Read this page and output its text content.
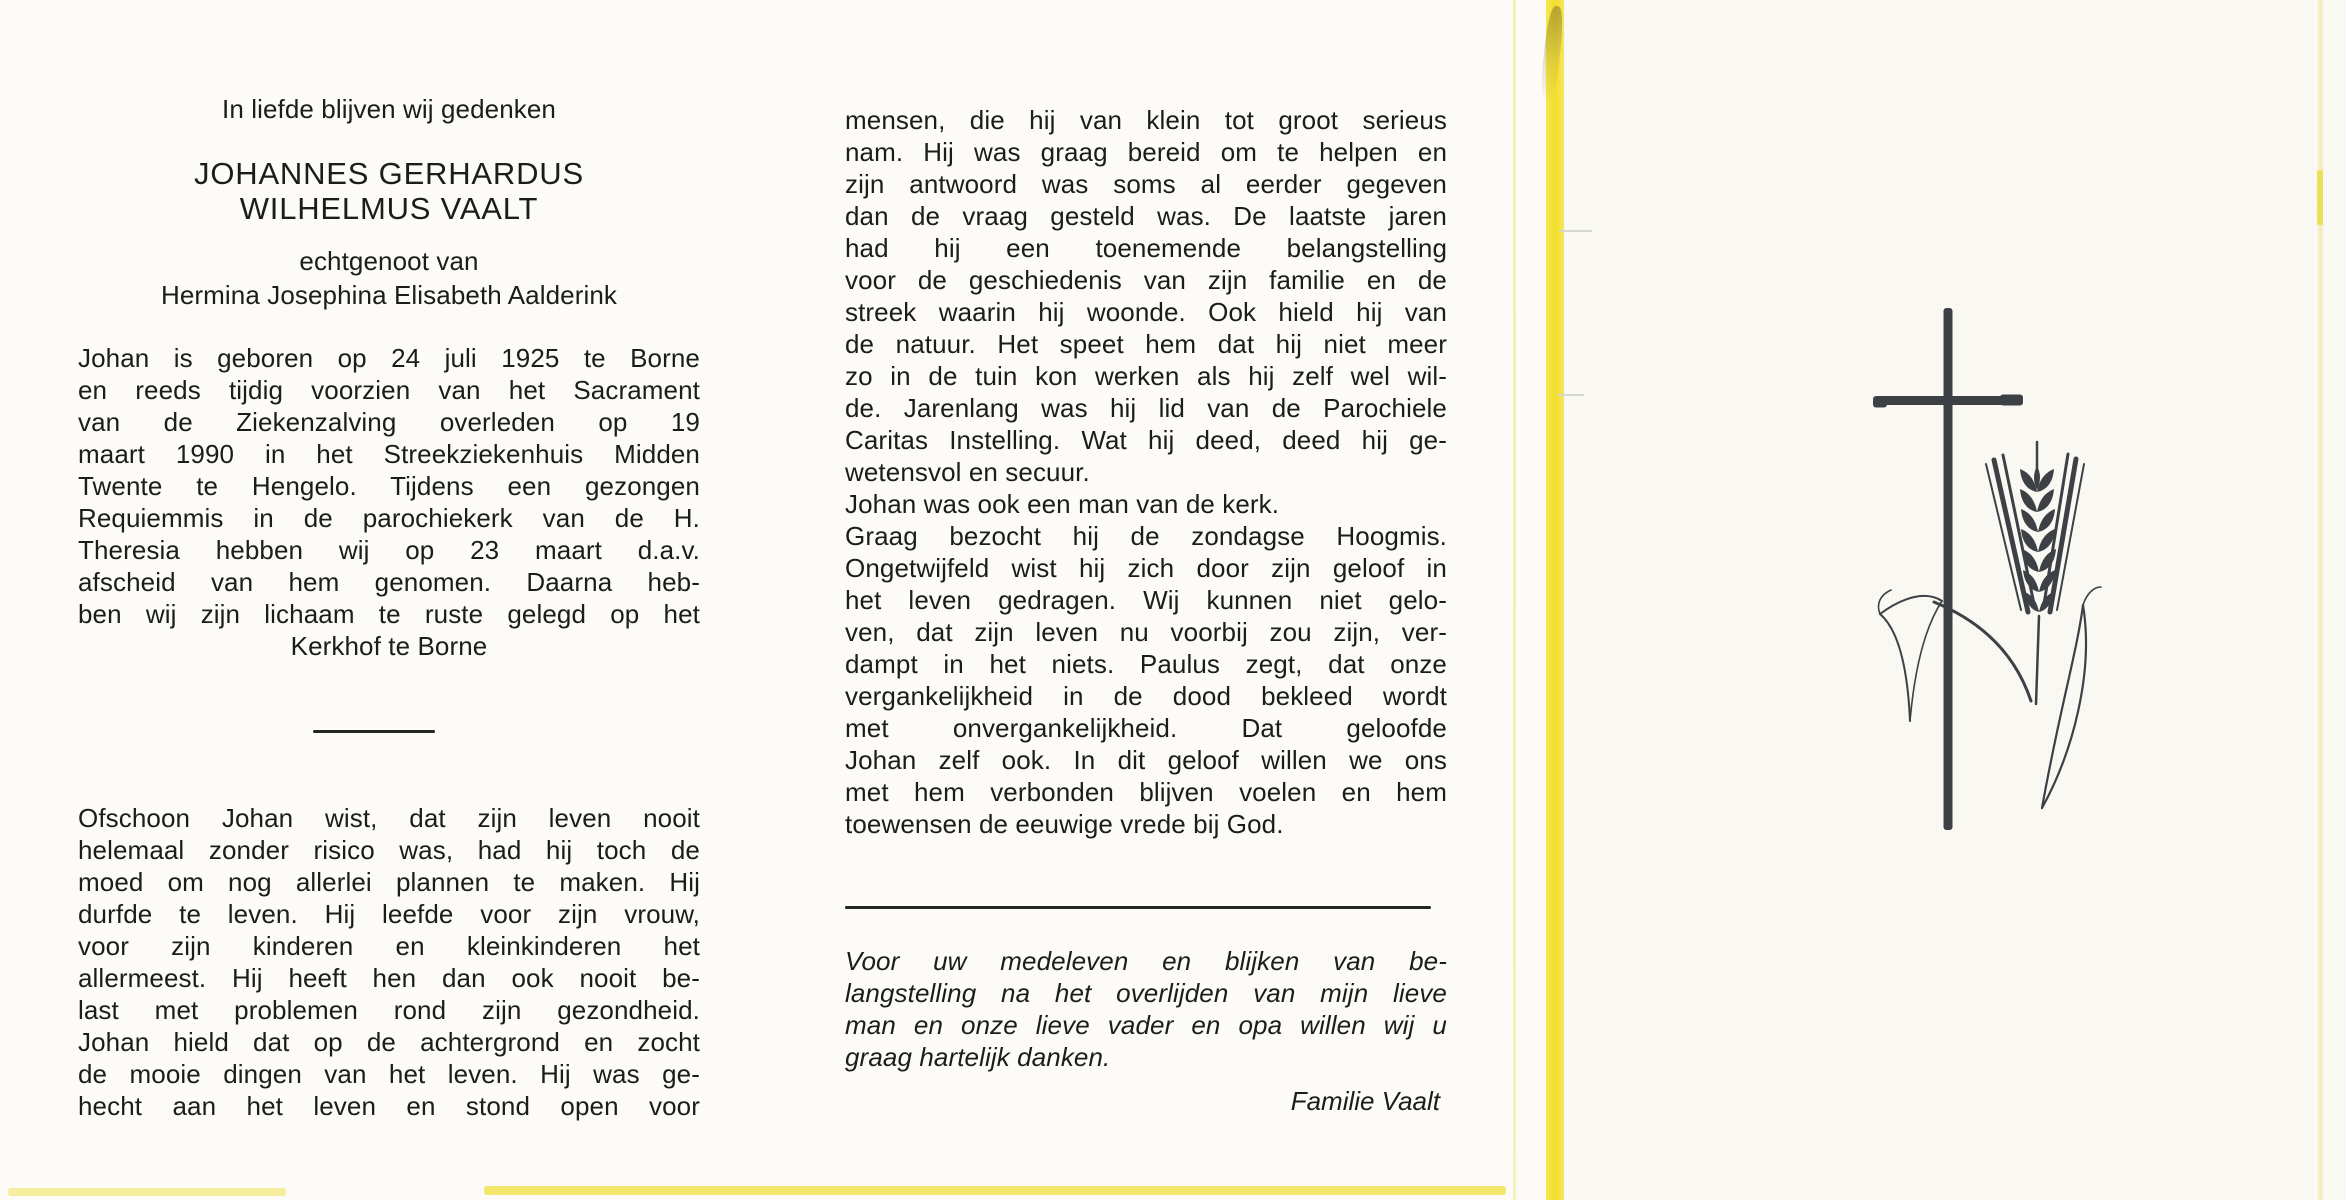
In liefde blijven wij gedenken
JOHANNES GERHARDUS
WILHELMUS VAALT
echtgenoot van
Hermina Josephina Elisabeth Aalderink
Johan is geboren op 24 juli 1925 te Borne
en reeds tijdig voorzien van het Sacrament
van de Ziekenzalving overleden op 19
maart 1990 in het Streekziekenhuis Midden
Twente te Hengelo. Tijdens een gezongen
Requiemmis in de parochiekerk van de H.
Theresia hebben wij op 23 maart d.a.v.
afscheid van hem genomen. Daarna heb-
ben wij zijn lichaam te ruste gelegd op het
Kerkhof te Borne
Ofschoon Johan wist, dat zijn leven nooit
helemaal zonder risico was, had hij toch de
moed om nog allerlei plannen te maken. Hij
durfde te leven. Hij leefde voor zijn vrouw,
voor zijn kinderen en kleinkinderen het
allermeest. Hij heeft hen dan ook nooit be-
last met problemen rond zijn gezondheid.
Johan hield dat op de achtergrond en zocht
de mooie dingen van het leven. Hij was ge-
hecht aan het leven en stond open voor
mensen, die hij van klein tot groot serieus
nam. Hij was graag bereid om te helpen en
zijn antwoord was soms al eerder gegeven
dan de vraag gesteld was. De laatste jaren
had hij een toenemende belangstelling
voor de geschiedenis van zijn familie en de
streek waarin hij woonde. Ook hield hij van
de natuur. Het speet hem dat hij niet meer
zo in de tuin kon werken als hij zelf wel wil-
de. Jarenlang was hij lid van de Parochiele
Caritas Instelling. Wat hij deed, deed hij ge-
wetensvol en secuur.
Johan was ook een man van de kerk.
Graag bezocht hij de zondagse Hoogmis.
Ongetwijfeld wist hij zich door zijn geloof in
het leven gedragen. Wij kunnen niet gelo-
ven, dat zijn leven nu voorbij zou zijn, ver-
dampt in het niets. Paulus zegt, dat onze
vergankelijkheid in de dood bekleed wordt
met onvergankelijkheid. Dat geloofde
Johan zelf ook. In dit geloof willen we ons
met hem verbonden blijven voelen en hem
toewensen de eeuwige vrede bij God.
Voor uw medeleven en blijken van be-
langstelling na het overlijden van mijn lieve
man en onze lieve vader en opa willen wij u
graag hartelijk danken.
Familie Vaalt
